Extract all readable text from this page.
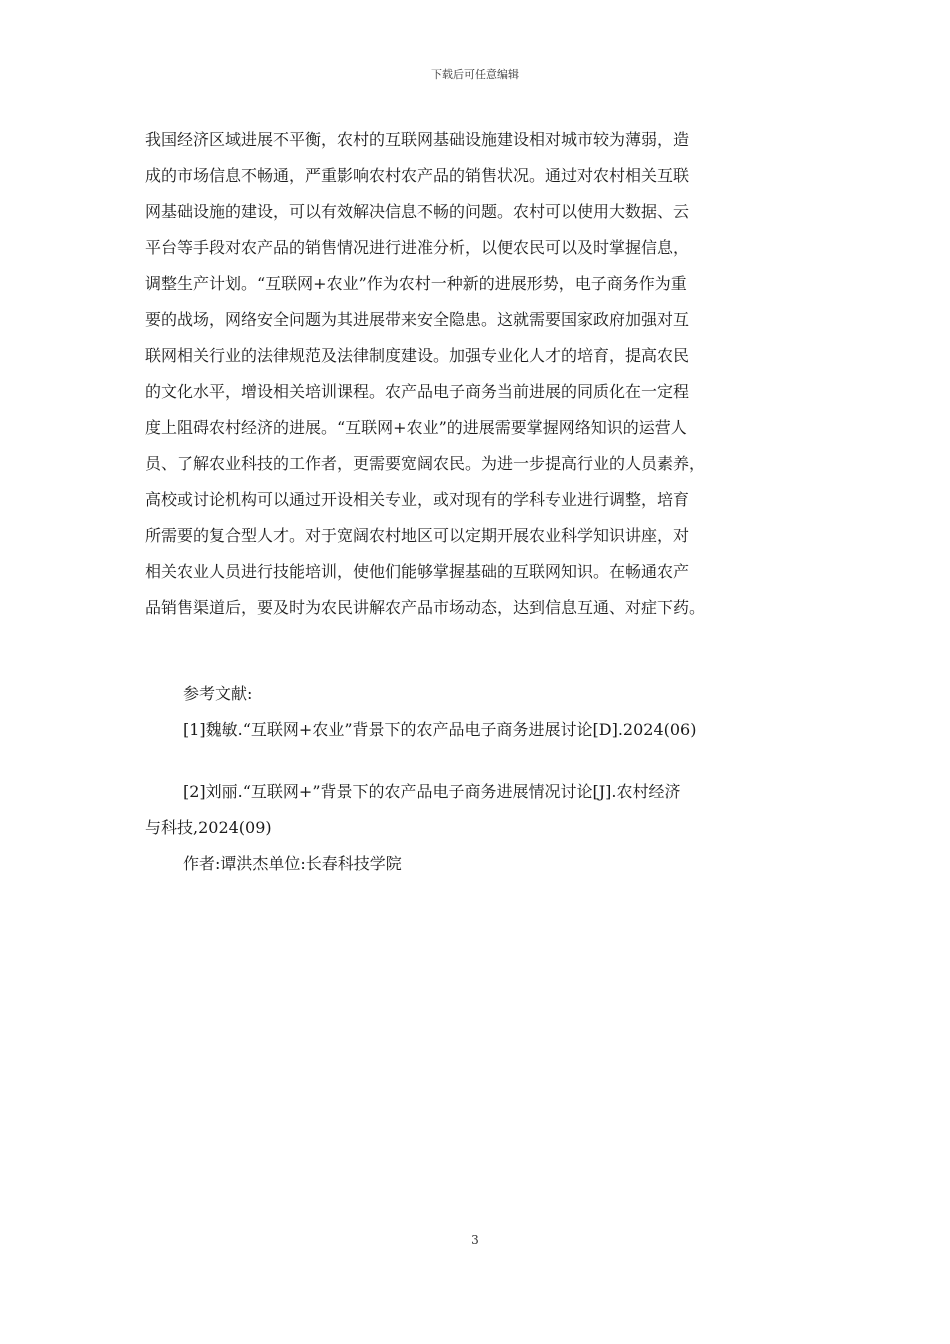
下载后可任意编辑
我国经济区域进展不平衡，农村的互联网基础设施建设相对城市较为薄弱，造
成的市场信息不畅通，严重影响农村农产品的销售状况。通过对农村相关互联
网基础设施的建设，可以有效解决信息不畅的问题。农村可以使用大数据、云
平台等手段对农产品的销售情况进行进准分析，以便农民可以及时掌握信息，
调整生产计划。“互联网+农业”作为农村一种新的进展形势，电子商务作为重
要的战场，网络安全问题为其进展带来安全隐患。这就需要国家政府加强对互
联网相关行业的法律规范及法律制度建设。加强专业化人才的培育，提高农民
的文化水平，增设相关培训课程。农产品电子商务当前进展的同质化在一定程
度上阻碍农村经济的进展。“互联网+农业”的进展需要掌握网络知识的运营人
员、了解农业科技的工作者，更需要宽阔农民。为进一步提高行业的人员素养，
高校或讨论机构可以通过开设相关专业，或对现有的学科专业进行调整，培育
所需要的复合型人才。对于宽阔农村地区可以定期开展农业科学知识讲座，对
相关农业人员进行技能培训，使他们能够掌握基础的互联网知识。在畅通农产
品销售渠道后，要及时为农民讲解农产品市场动态，达到信息互通、对症下药。
参考文献:
[1]魏敏.“互联网+农业”背景下的农产品电子商务进展讨论[D].2024(06)
[2]刘丽.“互联网+”背景下的农产品电子商务进展情况讨论[J].农村经济
与科技,2024(09)
作者:谭洪杰单位:长春科技学院
3
